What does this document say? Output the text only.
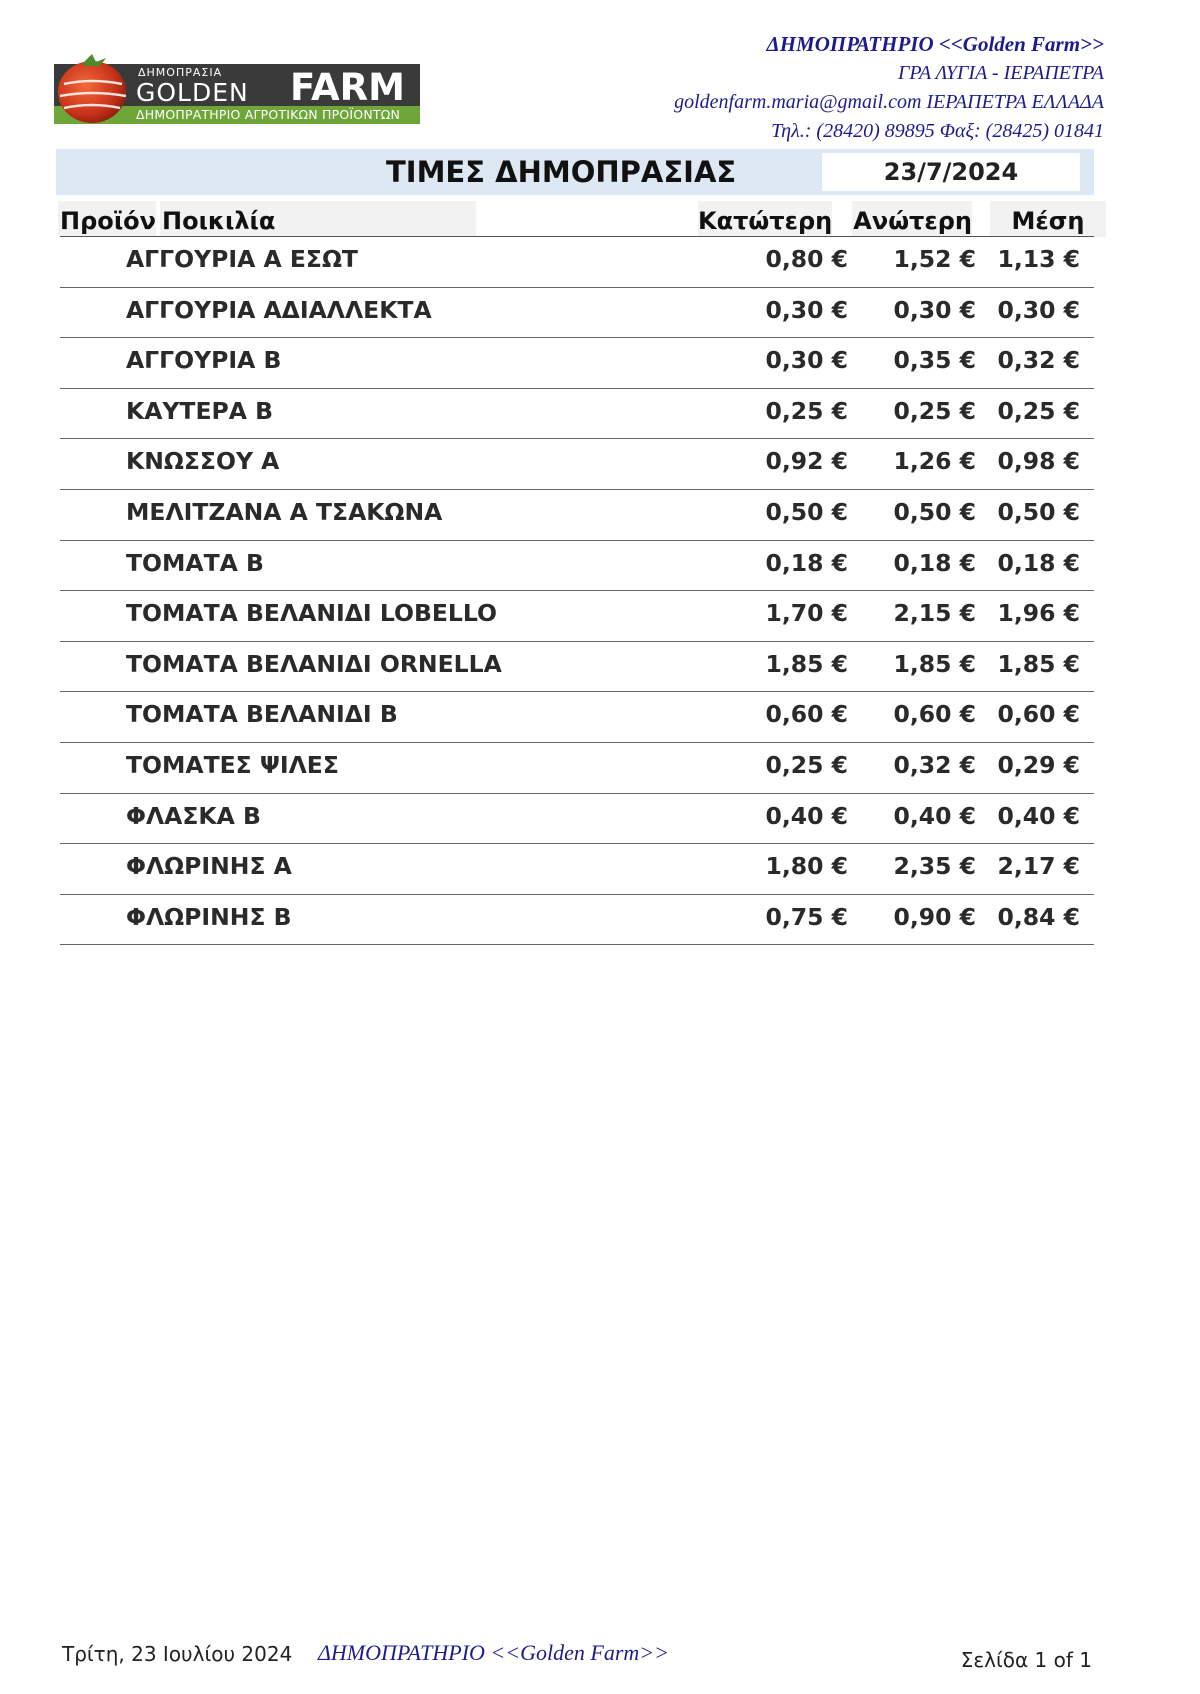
ΔΗΜΟΠΡΑΣΙΑ
GOLDEN FARM
ΔΗΜΟΠΡΑΤΗΡΙΟ ΑΓΡΟΤΙΚΩΝ ΠΡΟΪΟΝΤΩΝ
ΔΗΜΟΠΡΑΤΗΡΙΟ <<Golden Farm>>
ΓΡΑ ΛΥΓΙΑ - ΙΕΡΑΠΕΤΡΑ
goldenfarm.maria@gmail.com ΙΕΡΑΠΕΤΡΑ ΕΛΛΑΔΑ
Τηλ.: (28420) 89895 Φαξ: (28425) 01841
ΤΙΜΕΣ ΔΗΜΟΠΡΑΣΙΑΣ	23/7/2024
Προϊόν Ποικιλία	Κατώτερη Ανώτερη	Μέση
ΑΓΓΟΥΡΙΑ Α ΕΣΩΤ	0,80 € 1,52 € 1,13 €
ΑΓΓΟΥΡΙΑ ΑΔΙΑΛΛΕΚΤΑ	0,30 € 0,30 € 0,30 €
ΑΓΓΟΥΡΙΑ Β	0,30 € 0,35 € 0,32 €
ΚΑΥΤΕΡΑ Β	0,25 € 0,25 € 0,25 €
ΚΝΩΣΣΟΥ Α	0,92 € 1,26 € 0,98 €
ΜΕΛΙΤΖΑΝΑ Α ΤΣΑΚΩΝΑ	0,50 € 0,50 € 0,50 €
ΤΟΜΑΤΑ Β	0,18 € 0,18 € 0,18 €
ΤΟΜΑΤΑ ΒΕΛΑΝΙΔΙ LOBELLO	1,70 € 2,15 € 1,96 €
ΤΟΜΑΤΑ ΒΕΛΑΝΙΔΙ ORNELLA	1,85 € 1,85 € 1,85 €
ΤΟΜΑΤΑ ΒΕΛΑΝΙΔΙ Β	0,60 € 0,60 € 0,60 €
ΤΟΜΑΤΕΣ ΨΙΛΕΣ	0,25 € 0,32 € 0,29 €
ΦΛΑΣΚΑ Β	0,40 € 0,40 € 0,40 €
ΦΛΩΡΙΝΗΣ Α	1,80 € 2,35 € 2,17 €
ΦΛΩΡΙΝΗΣ Β	0,75 € 0,90 € 0,84 €
Τρίτη, 23 Ιουλίου 2024 ΔΗΜΟΠΡΑΤΗΡΙΟ <<Golden Farm>>	Σελίδα 1 of 1
